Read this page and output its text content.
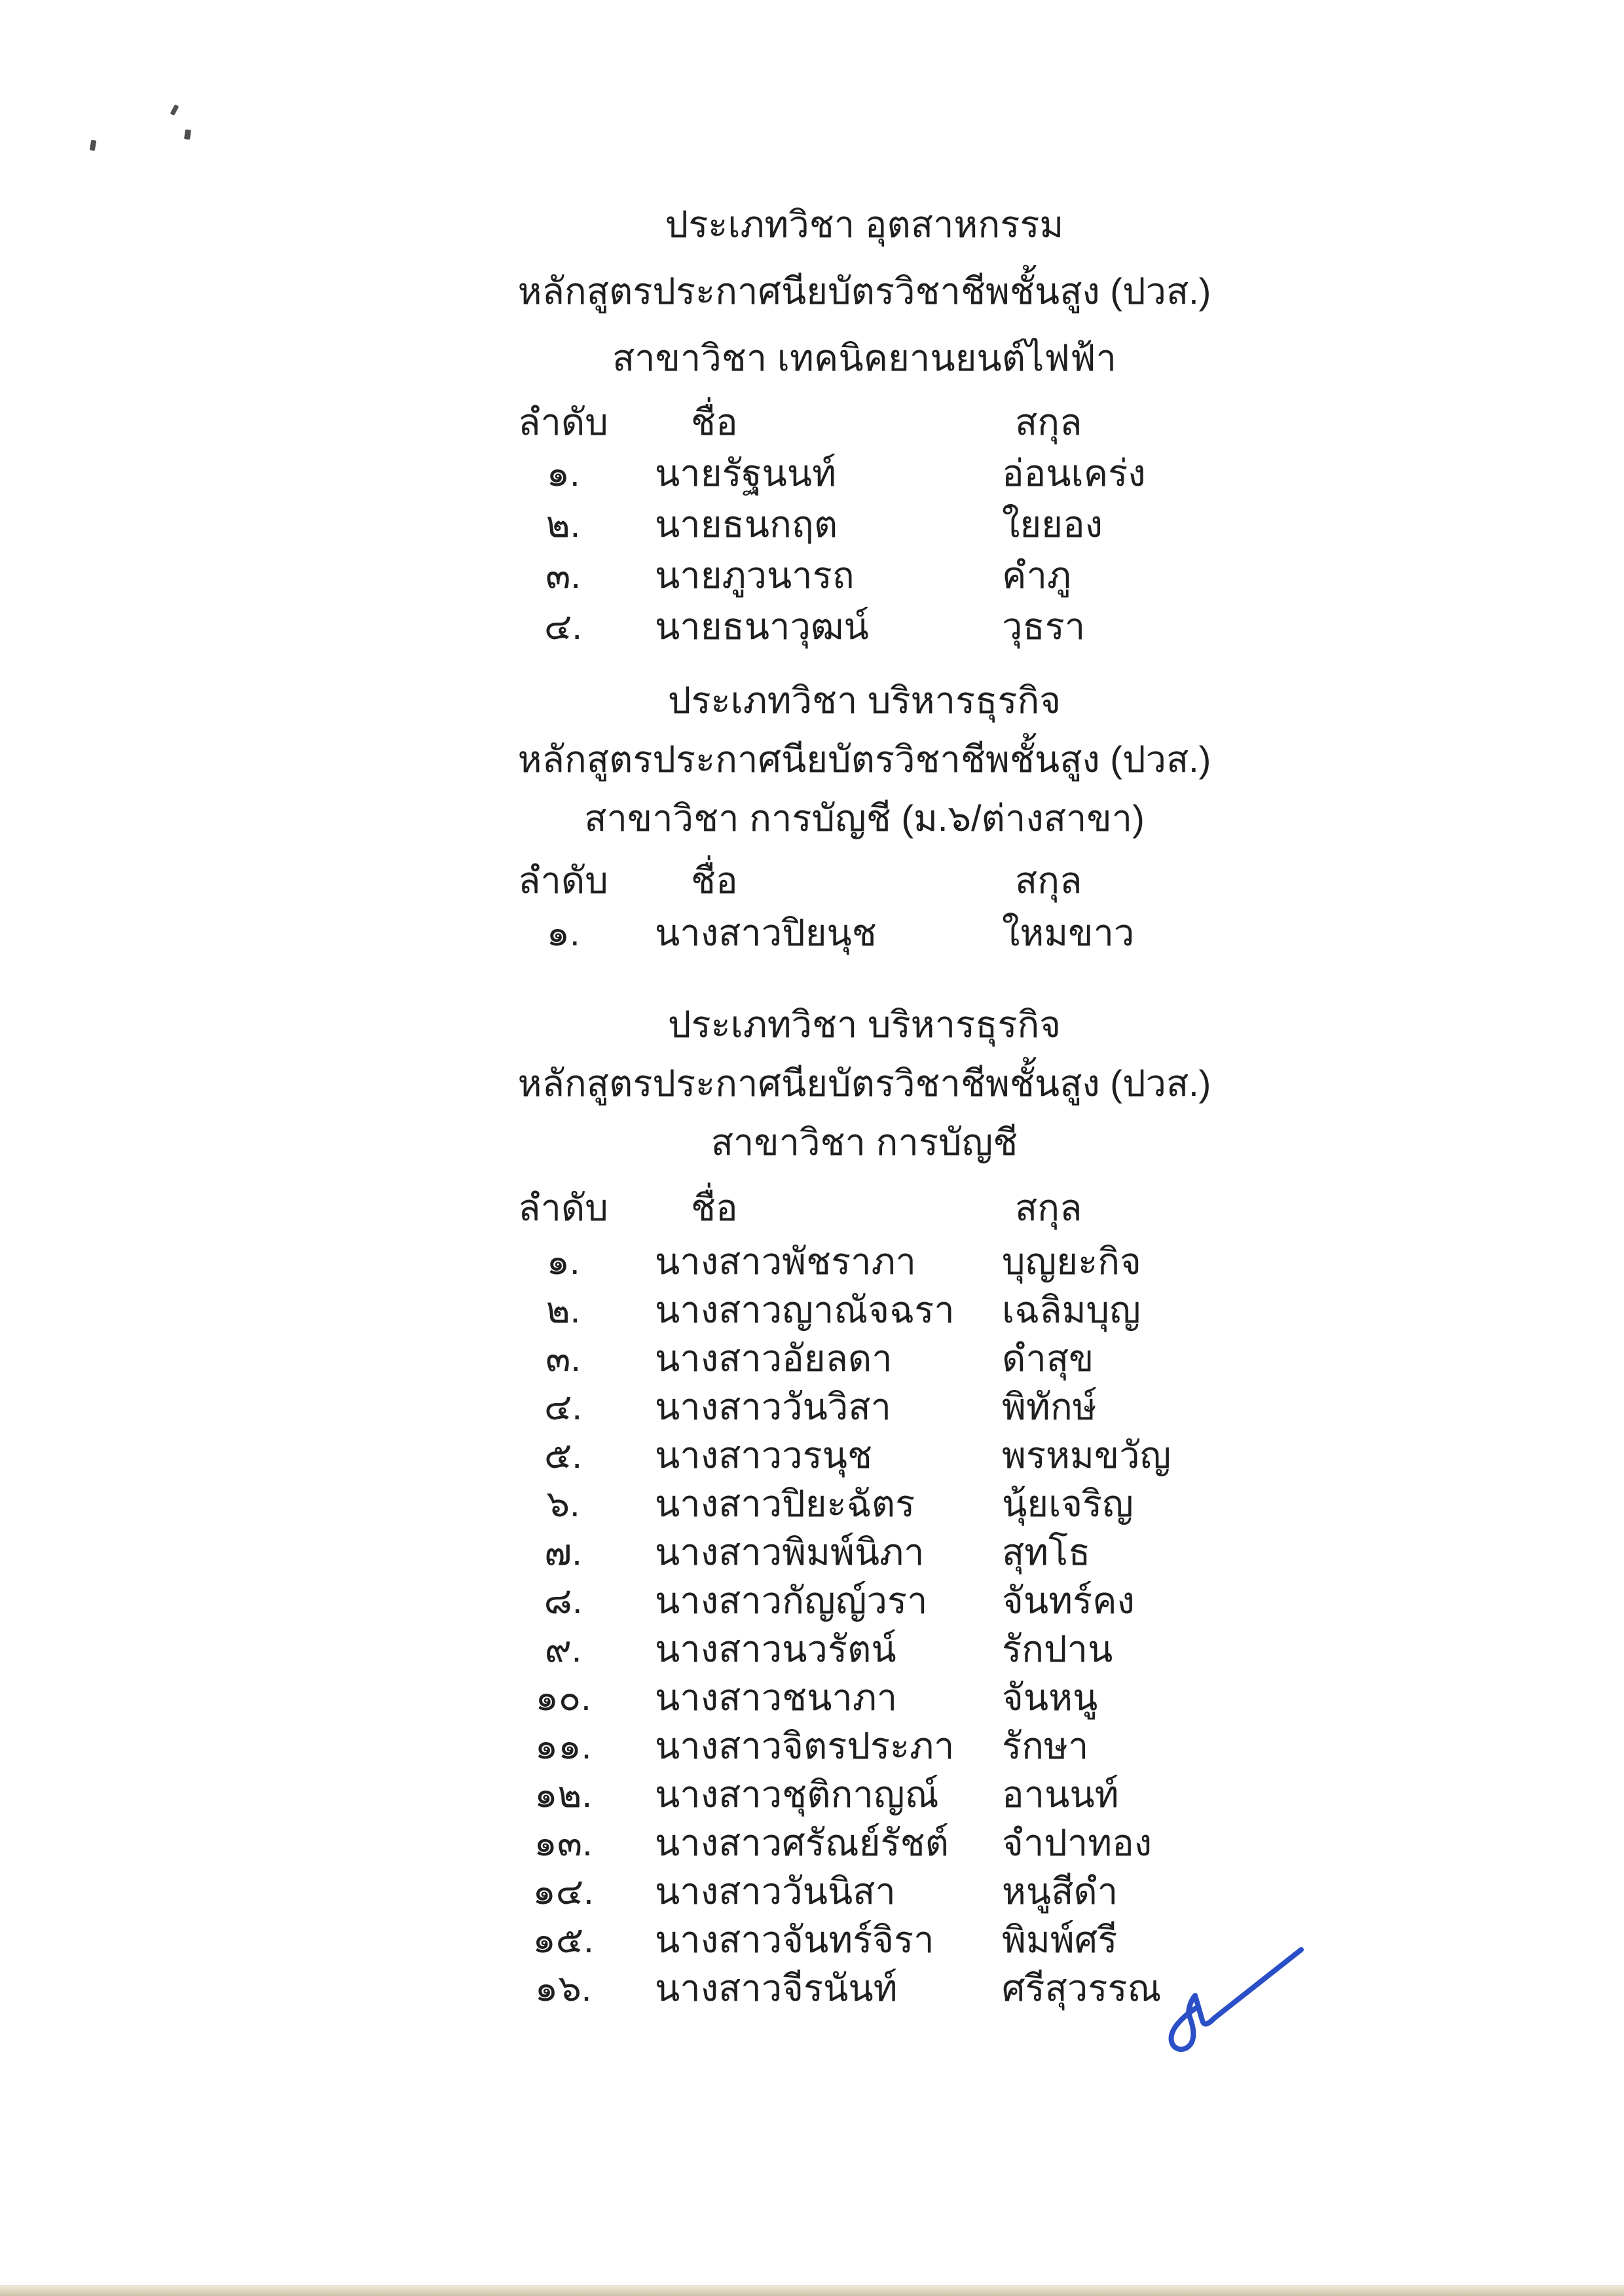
ประเภทวิชา อุตสาหกรรม
หลักสูตรประกาศนียบัตรวิชาชีพชั้นสูง (ปวส.)
สาขาวิชา เทคนิคยานยนต์ไฟฟ้า
ลำดับ	ชื่อ	สกุล
๑.	นายรัฐนนท์	อ่อนเคร่ง
๒.	นายธนกฤต	ใยยอง
๓.	นายภูวนารถ	คำภู
๔.	นายธนาวุฒน์	วุธรา
ประเภทวิชา บริหารธุรกิจ
หลักสูตรประกาศนียบัตรวิชาชีพชั้นสูง (ปวส.)
สาขาวิชา การบัญชี (ม.๖/ต่างสาขา)
ลำดับ	ชื่อ	สกุล
๑.	นางสาวปิยนุช	ใหมขาว
ประเภทวิชา บริหารธุรกิจ
หลักสูตรประกาศนียบัตรวิชาชีพชั้นสูง (ปวส.)
สาขาวิชา การบัญชี
ลำดับ	ชื่อ	สกุล
๑.	นางสาวพัชราภา	บุญยะกิจ
๒.	นางสาวญาณัจฉรา	เฉลิมบุญ
๓.	นางสาวอัยลดา	ดำสุข
๔.	นางสาววันวิสา	พิทักษ์
๕.	นางสาววรนุช	พรหมขวัญ
๖.	นางสาวปิยะฉัตร	นุ้ยเจริญ
๗.	นางสาวพิมพ์นิภา	สุทโธ
๘.	นางสาวกัญญ์วรา	จันทร์คง
๙.	นางสาวนวรัตน์	รักปาน
๑๐.	นางสาวชนาภา	จันหนู
๑๑.	นางสาวจิตรประภา	รักษา
๑๒.	นางสาวชุติกาญณ์	อานนท์
๑๓.	นางสาวศรัณย์รัชต์	จำปาทอง
๑๔.	นางสาววันนิสา	หนูสีดำ
๑๕.	นางสาวจันทร์จิรา	พิมพ์ศรี
๑๖.	นางสาวจีรนันท์	ศรีสุวรรณ
